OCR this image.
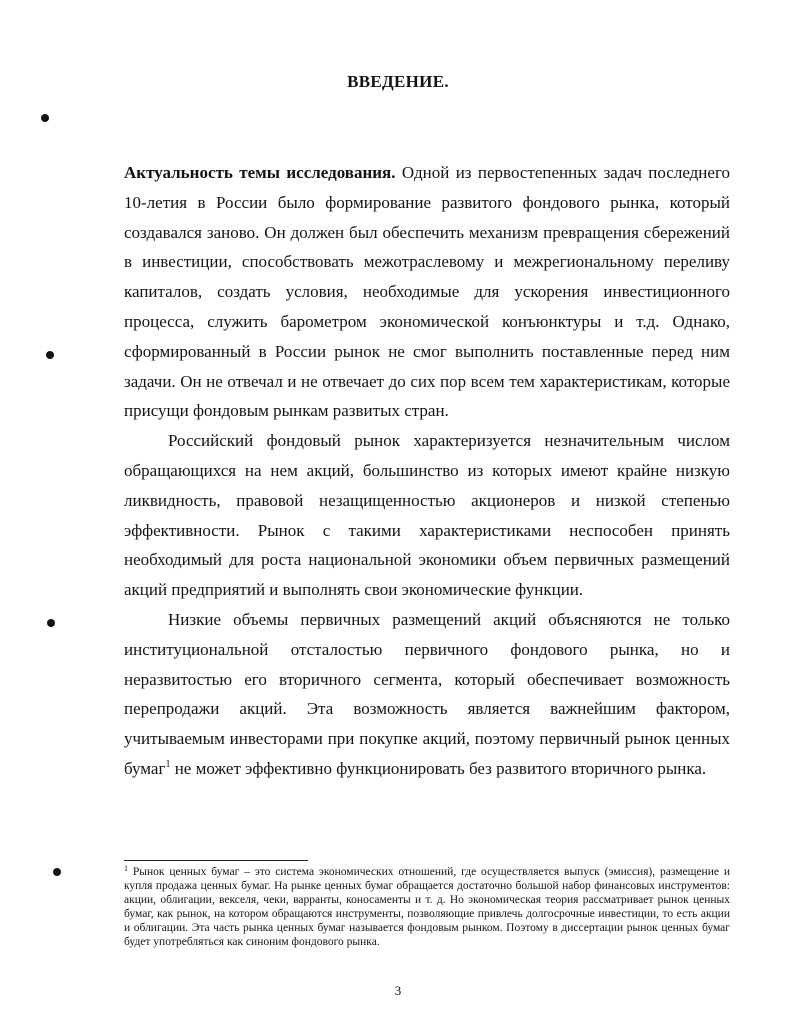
ВВЕДЕНИЕ.

Актуальность темы исследования. Одной из первостепенных задач последнего 10-летия в России было формирование развитого фондового рынка, который создавался заново. Он должен был обеспечить механизм превращения сбережений в инвестиции, способствовать межотраслевому и межрегиональному переливу капиталов, создать условия, необходимые для ускорения инвестиционного процесса, служить барометром экономической конъюнктуры и т.д. Однако, сформированный в России рынок не смог выполнить поставленные перед ним задачи. Он не отвечал и не отвечает до сих пор всем тем характеристикам, которые присущи фондовым рынкам развитых стран.

Российский фондовый рынок характеризуется незначительным числом обращающихся на нем акций, большинство из которых имеют крайне низкую ликвидность, правовой незащищенностью акционеров и низкой степенью эффективности. Рынок с такими характеристиками неспособен принять необходимый для роста национальной экономики объем первичных размещений акций предприятий и выполнять свои экономические функции.

Низкие объемы первичных размещений акций объясняются не только институциональной отсталостью первичного фондового рынка, но и неразвитостью его вторичного сегмента, который обеспечивает возможность перепродажи акций. Эта возможность является важнейшим фактором, учитываемым инвесторами при покупке акций, поэтому первичный рынок ценных бумаг$^1$ не может эффективно функционировать без развитого вторичного рынка.

$^1$ Рынок ценных бумаг – это система экономических отношений, где осуществляется выпуск (эмиссия), размещение и купля продажа ценных бумаг. На рынке ценных бумаг обращается достаточно большой набор финансовых инструментов: акции, облигации, векселя, чеки, варранты, коносаменты и т. д. Но экономическая теория рассматривает рынок ценных бумаг, как рынок, на котором обращаются инструменты, позволяющие привлечь долгосрочные инвестиции, то есть акции и облигации. Эта часть рынка ценных бумаг называется фондовым рынком. Поэтому в диссертации рынок ценных бумаг будет употребляться как синоним фондового рынка.
3
